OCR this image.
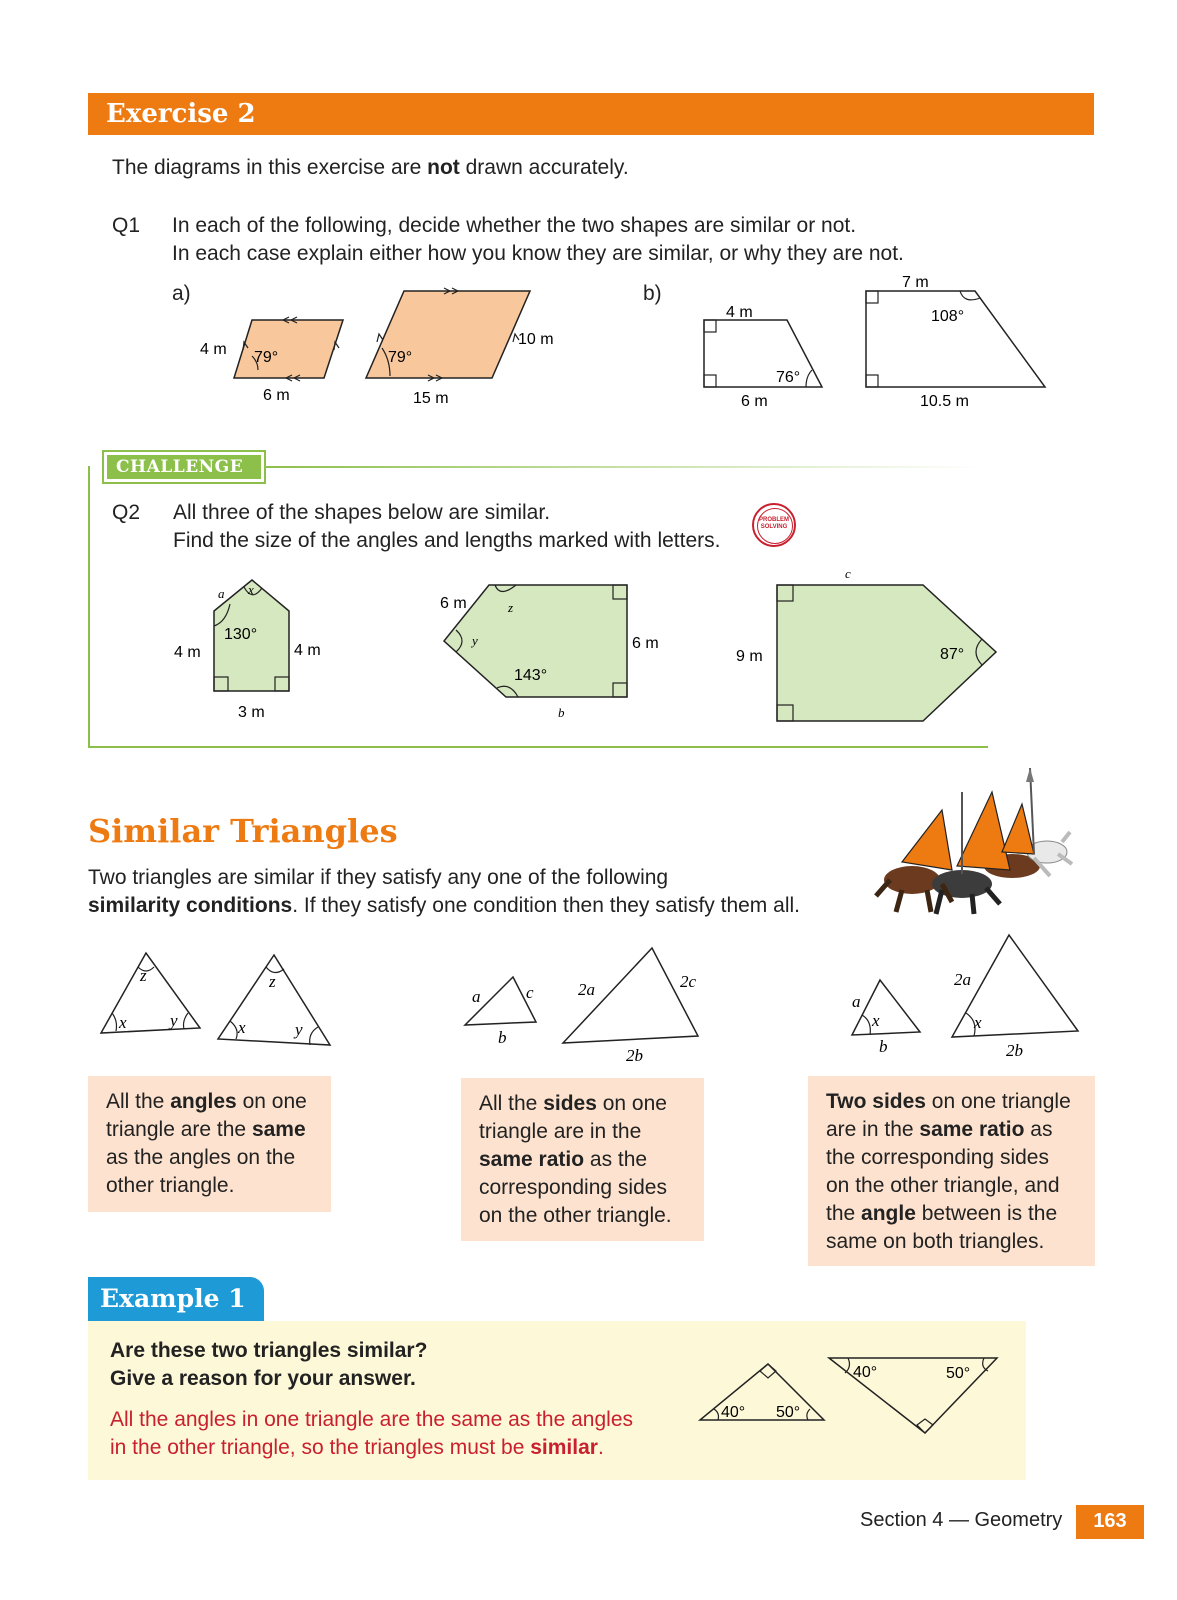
Exercise 2
The diagrams in this exercise are not drawn accurately.
Q1 In each of the following, decide whether the two shapes are similar or not.
In each case explain either how you know they are similar, or why they are not.
a)	b)
79°
4 m
6 m
79°
10 m
15 m
4 m
76°
6 m
7 m
108°
10.5 m
CHALLENGE
Q2 All three of the shapes below are similar.
Find the size of the angles and lengths marked with letters.
PROBLEM SOLVING
x
a
130°
4 m	4 m
3 m
6 m	z
y
143°
6 m
b
c
9 m	87°
Similar Triangles
Two triangles are similar if they satisfy any one of the following
similarity conditions. If they satisfy one condition then they satisfy them all.
x	y
z
x	y
z
a	c
b
2a	2c
2b
a
x
b
2a
x
2b
All the angles on one triangle are the same as the angles on the other triangle.
All the sides on one triangle are in the same ratio as the corresponding sides on the other triangle.
Two sides on one triangle are in the same ratio as the corresponding sides on the other triangle, and the angle between is the same on both triangles.
Example 1
Are these two triangles similar?
Give a reason for your answer.
All the angles in one triangle are the same as the angles
in the other triangle, so the triangles must be similar.
40° 50°
40°	50°
Section 4 — Geometry	163
